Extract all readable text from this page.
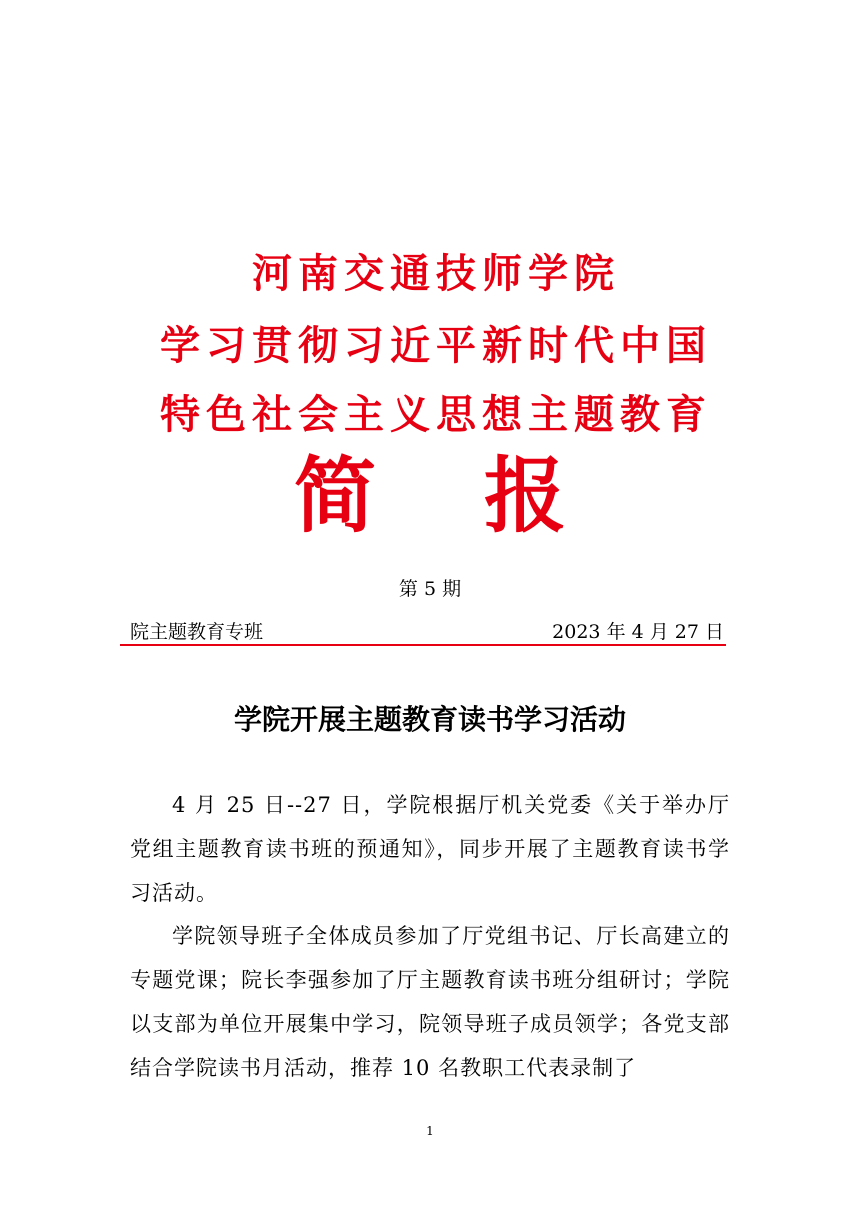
河南交通技师学院
学习贯彻习近平新时代中国
特色社会主义思想主题教育
简 报
第 5 期
院主题教育专班	2023 年 4 月 27 日
学院开展主题教育读书学习活动

4 月 25 日--27 日，学院根据厅机关党委《关于举办厅党组主题教育读书班的预通知》，同步开展了主题教育读书学习活动。

学院领导班子全体成员参加了厅党组书记、厅长高建立的专题党课；院长李强参加了厅主题教育读书班分组研讨；学院以支部为单位开展集中学习，院领导班子成员领学；各党支部结合学院读书月活动，推荐 10 名教职工代表录制了

1
